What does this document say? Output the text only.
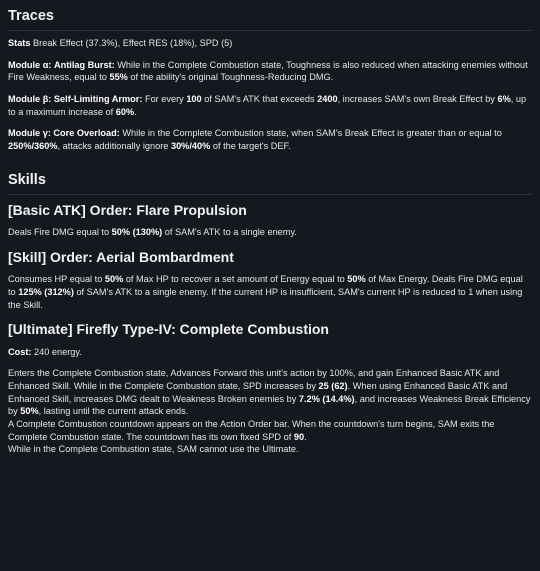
Traces

Stats Break Effect (37.3%), Effect RES (18%), SPD (5)

Module α: Antilag Burst: While in the Complete Combustion state, Toughness is also reduced when attacking enemies without Fire Weakness, equal to 55% of the ability's original Toughness-Reducing DMG.

Module β: Self-Limiting Armor: For every 100 of SAM's ATK that exceeds 2400, increases SAM's own Break Effect by 6%, up to a maximum increase of 60%.

Module γ: Core Overload: While in the Complete Combustion state, when SAM's Break Effect is greater than or equal to 250%/360%, attacks additionally ignore 30%/40% of the target's DEF.

Skills
[Basic ATK] Order: Flare Propulsion

Deals Fire DMG equal to 50% (130%) of SAM's ATK to a single enemy.

[Skill] Order: Aerial Bombardment

Consumes HP equal to 50% of Max HP to recover a set amount of Energy equal to 50% of Max Energy. Deals Fire DMG equal to 125% (312%) of SAM's ATK to a single enemy. If the current HP is insufficient, SAM's current HP is reduced to 1 when using the Skill.

[Ultimate] Firefly Type-IV: Complete Combustion

Cost: 240 energy.

Enters the Complete Combustion state, Advances Forward this unit's action by 100%, and gain Enhanced Basic ATK and Enhanced Skill. While in the Complete Combustion state, SPD increases by 25 (62). When using Enhanced Basic ATK and Enhanced Skill, increases DMG dealt to Weakness Broken enemies by 7.2% (14.4%), and increases Weakness Break Efficiency by 50%, lasting until the current attack ends.
A Complete Combustion countdown appears on the Action Order bar. When the countdown's turn begins, SAM exits the Complete Combustion state. The countdown has its own fixed SPD of 90.
While in the Complete Combustion state, SAM cannot use the Ultimate.
